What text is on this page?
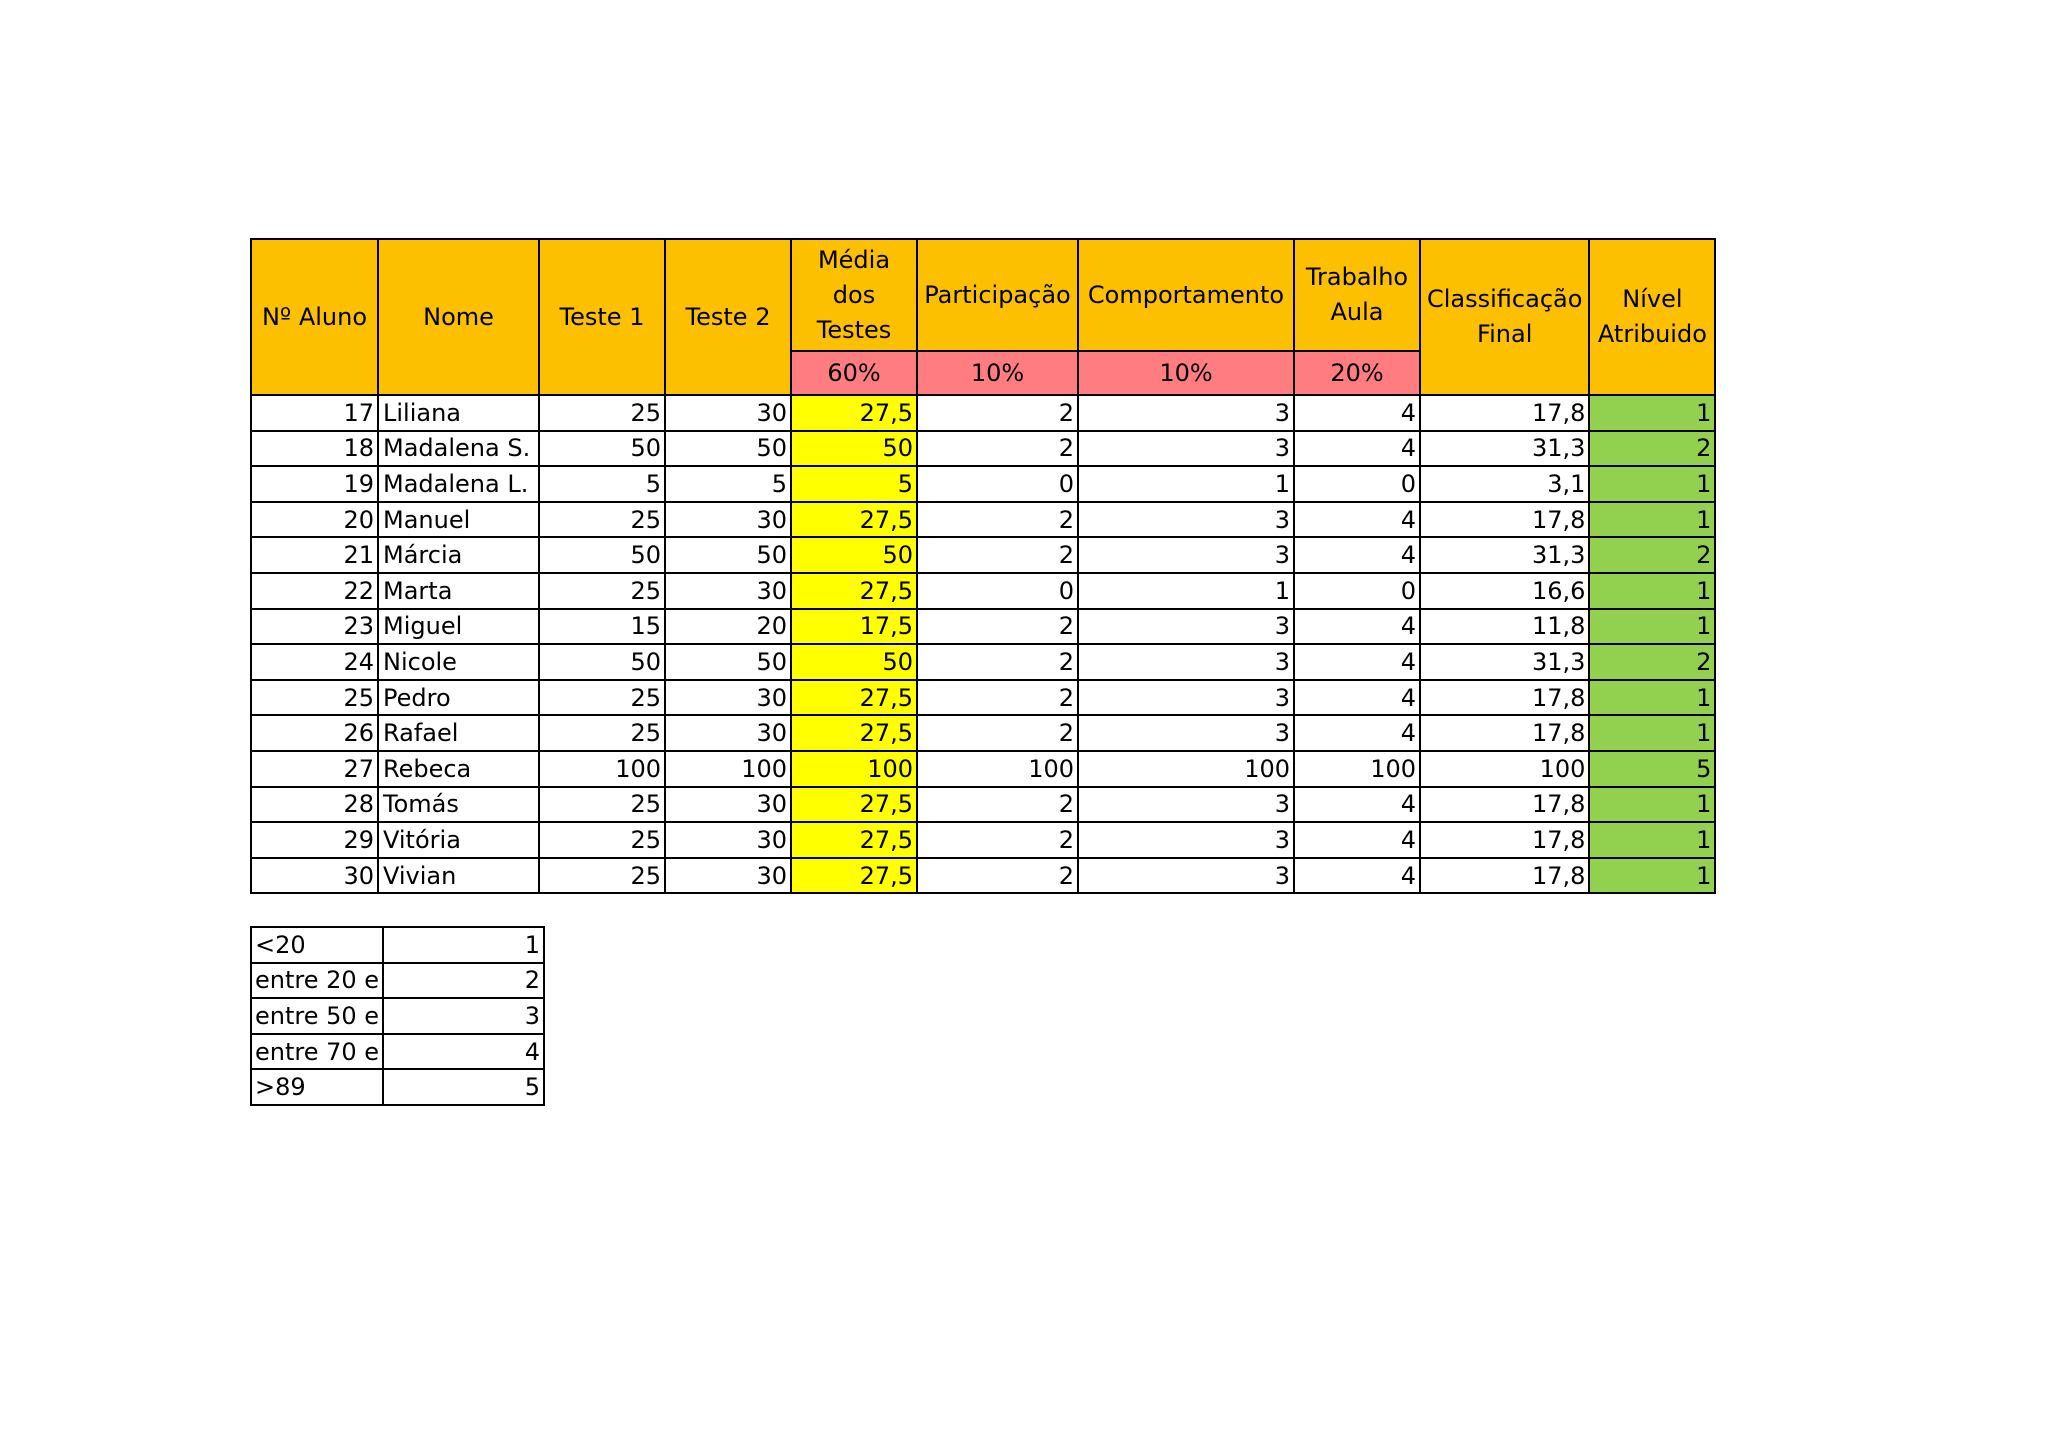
Nº Aluno	Nome	Teste 1	Teste 2	Média dos Testes	Participação	Comportamento	Trabalho Aula	Classificação Final	Nível Atribuido
				60%	10%	10%	20%		
17	Liliana	25	30	27,5	2	3	4	17,8	1
18	Madalena S.	50	50	50	2	3	4	31,3	2
19	Madalena L.	5	5	5	0	1	0	3,1	1
20	Manuel	25	30	27,5	2	3	4	17,8	1
21	Márcia	50	50	50	2	3	4	31,3	2
22	Marta	25	30	27,5	0	1	0	16,6	1
23	Miguel	15	20	17,5	2	3	4	11,8	1
24	Nicole	50	50	50	2	3	4	31,3	2
25	Pedro	25	30	27,5	2	3	4	17,8	1
26	Rafael	25	30	27,5	2	3	4	17,8	1
27	Rebeca	100	100	100	100	100	100	100	5
28	Tomás	25	30	27,5	2	3	4	17,8	1
29	Vitória	25	30	27,5	2	3	4	17,8	1
30	Vivian	25	30	27,5	2	3	4	17,8	1
<20	1
entre 20 e	2
entre 50 e	3
entre 70 e	4
>89	5
